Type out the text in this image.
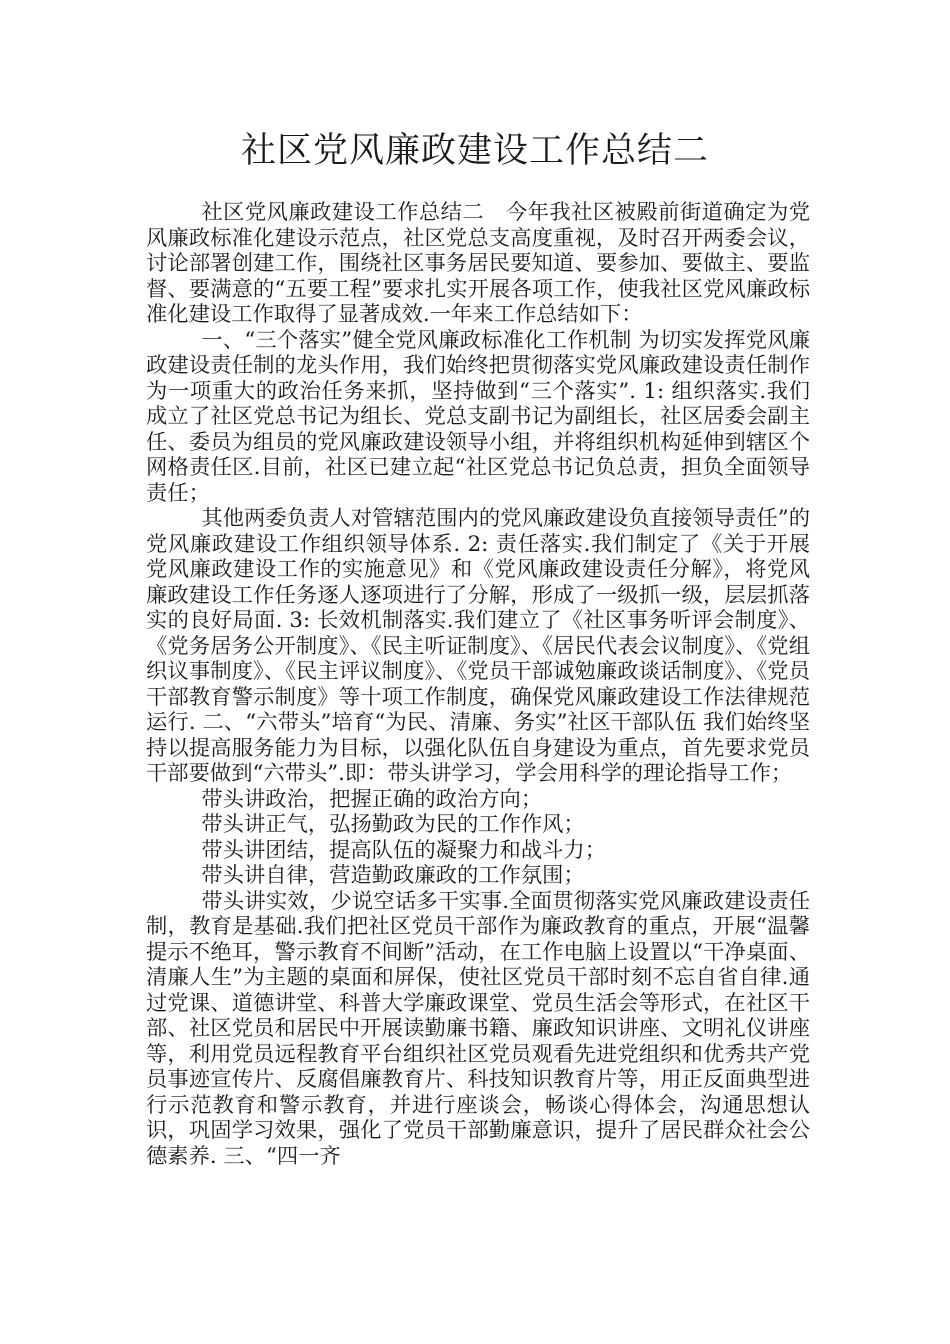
社区党风廉政建设工作总结二

社区党风廉政建设工作总结二　今年我社区被殿前街道确定为党风廉政标准化建设示范点，社区党总支高度重视，及时召开两委会议，讨论部署创建工作，围绕社区事务居民要知道、要参加、要做主、要监督、要满意的“五要工程”要求扎实开展各项工作，使我社区党风廉政标准化建设工作取得了显著成效.一年来工作总结如下：

一、“三个落实”健全党风廉政标准化工作机制 为切实发挥党风廉政建设责任制的龙头作用，我们始终把贯彻落实党风廉政建设责任制作为一项重大的政治任务来抓，坚持做到“三个落实”. 1: 组织落实.我们成立了社区党总书记为组长、党总支副书记为副组长，社区居委会副主任、委员为组员的党风廉政建设领导小组，并将组织机构延伸到辖区个网格责任区.目前，社区已建立起“社区党总书记负总责，担负全面领导责任；

其他两委负责人对管辖范围内的党风廉政建设负直接领导责任”的党风廉政建设工作组织领导体系. 2: 责任落实.我们制定了《关于开展党风廉政建设工作的实施意见》和《党风廉政建设责任分解》，将党风廉政建设工作任务逐人逐项进行了分解，形成了一级抓一级，层层抓落实的良好局面. 3: 长效机制落实.我们建立了《社区事务听评会制度》、《党务居务公开制度》、《民主听证制度》、《居民代表会议制度》、《党组织议事制度》、《民主评议制度》、《党员干部诚勉廉政谈话制度》、《党员干部教育警示制度》等十项工作制度，确保党风廉政建设工作法律规范运行. 二、“六带头”培育“为民、清廉、务实”社区干部队伍 我们始终坚持以提高服务能力为目标，以强化队伍自身建设为重点，首先要求党员干部要做到“六带头”.即：带头讲学习，学会用科学的理论指导工作；

带头讲政治，把握正确的政治方向；

带头讲正气，弘扬勤政为民的工作作风；

带头讲团结，提高队伍的凝聚力和战斗力；

带头讲自律，营造勤政廉政的工作氛围；

带头讲实效，少说空话多干实事.全面贯彻落实党风廉政建设责任制，教育是基础.我们把社区党员干部作为廉政教育的重点，开展“温馨提示不绝耳，警示教育不间断”活动，在工作电脑上设置以“干净桌面、清廉人生”为主题的桌面和屏保，使社区党员干部时刻不忘自省自律.通过党课、道德讲堂、科普大学廉政课堂、党员生活会等形式，在社区干部、社区党员和居民中开展读勤廉书籍、廉政知识讲座、文明礼仪讲座等，利用党员远程教育平台组织社区党员观看先进党组织和优秀共产党员事迹宣传片、反腐倡廉教育片、科技知识教育片等，用正反面典型进行示范教育和警示教育，并进行座谈会，畅谈心得体会，沟通思想认识，巩固学习效果，强化了党员干部勤廉意识，提升了居民群众社会公德素养. 三、“四一齐
